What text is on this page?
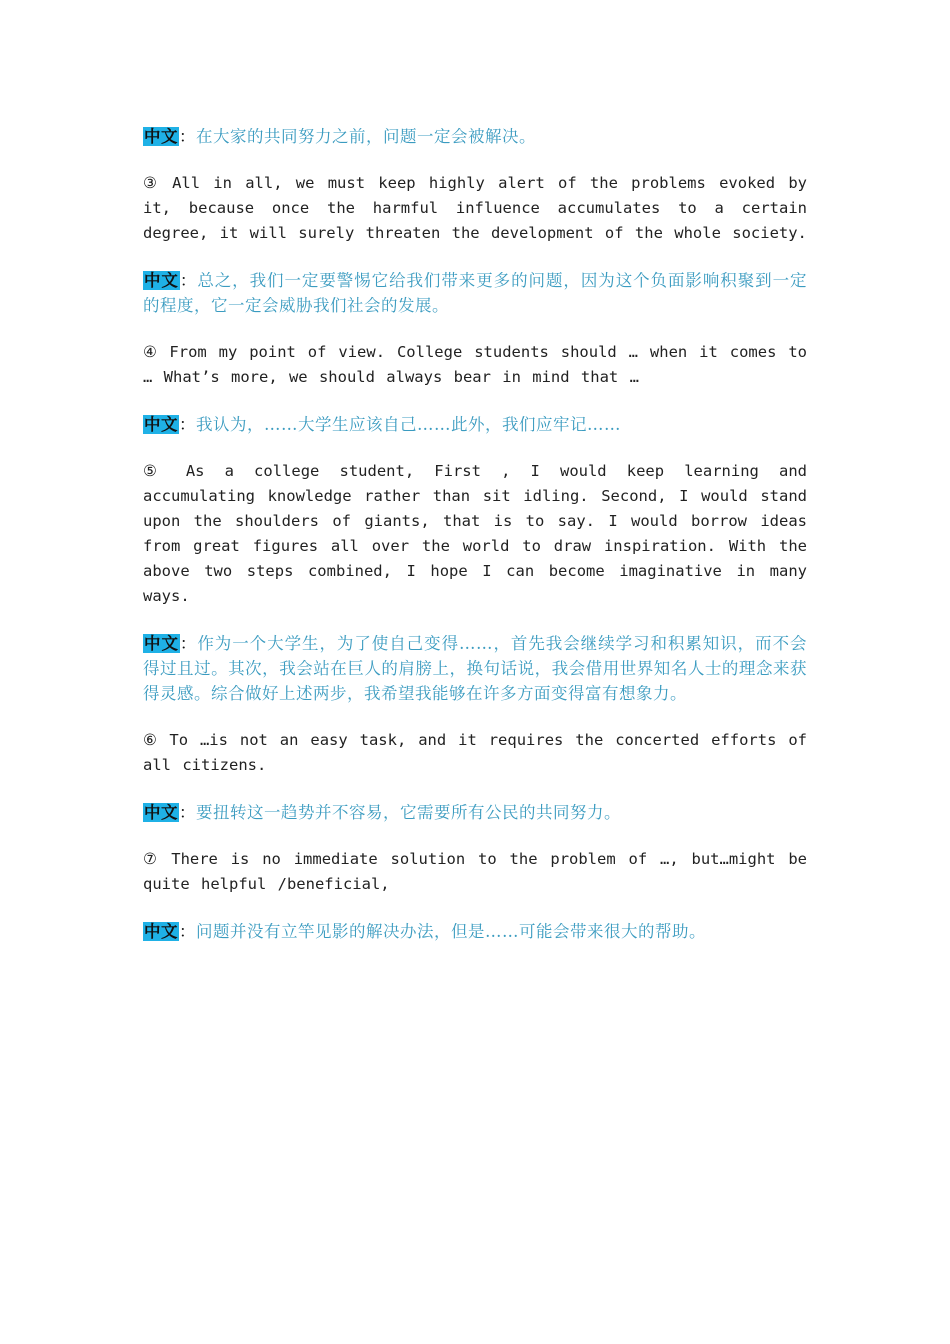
中文：在大家的共同努力之前，问题一定会被解决。

③ All in all, we must keep highly alert of the problems evoked by it, because once the harmful influence accumulates to a certain degree, it will surely threaten the development of the whole society.

中文：总之，我们一定要警惕它给我们带来更多的问题，因为这个负面影响积聚到一定的程度，它一定会威胁我们社会的发展。

④ From my point of view. College students should … when it comes to … What’s more, we should always bear in mind that …

中文：我认为，……大学生应该自己……此外，我们应牢记……

⑤ As a college student, First , I would keep learning and accumulating knowledge rather than sit idling. Second, I would stand upon the shoulders of giants, that is to say. I would borrow ideas from great figures all over the world to draw inspiration. With the above two steps combined, I hope I can become imaginative in many ways.

中文：作为一个大学生，为了使自己变得……，首先我会继续学习和积累知识，而不会得过且过。其次，我会站在巨人的肩膀上，换句话说，我会借用世界知名人士的理念来获得灵感。综合做好上述两步，我希望我能够在许多方面变得富有想象力。

⑥ To …is not an easy task, and it requires the concerted efforts of all citizens.

中文：要扭转这一趋势并不容易，它需要所有公民的共同努力。

⑦ There is no immediate solution to the problem of …, but…might be quite helpful /beneficial,

中文：问题并没有立竿见影的解决办法，但是……可能会带来很大的帮助。
